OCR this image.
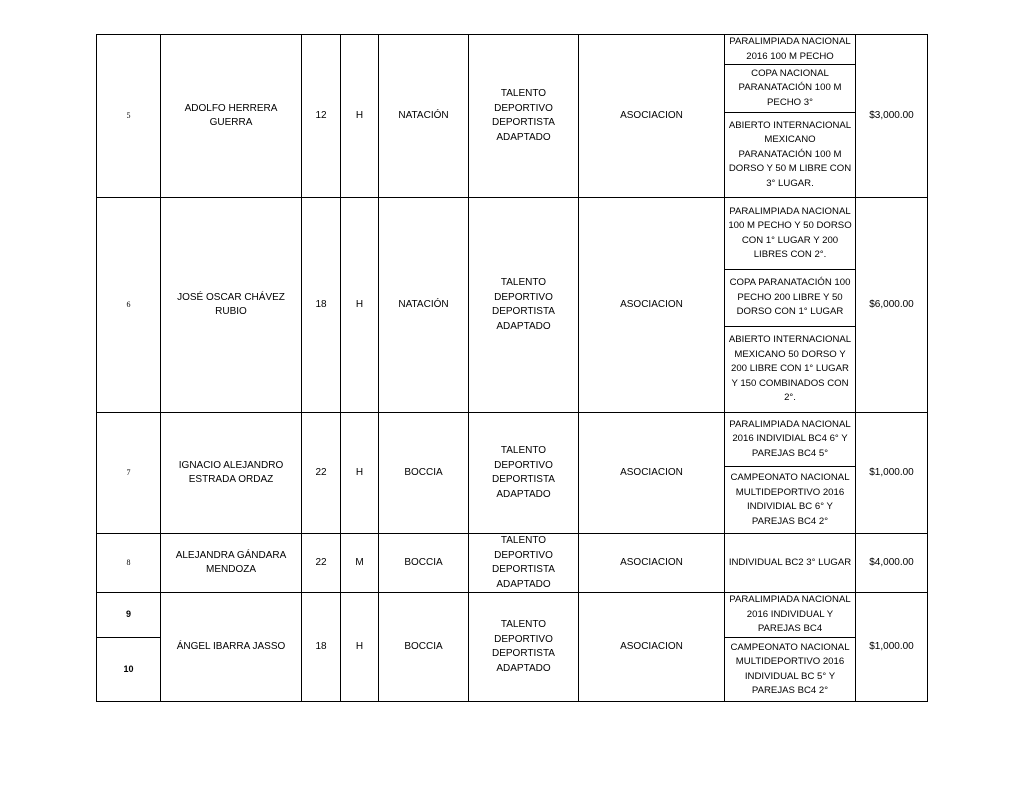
5	ADOLFO HERRERA GUERRA	12	H	NATACIÓN	TALENTO DEPORTIVO DEPORTISTA ADAPTADO	ASOCIACION	PARALIMPIADA NACIONAL 2016 100 M PECHO	$3,000.00
							COPA NACIONAL PARANATACIÓN 100 M PECHO 3°	
							ABIERTO INTERNACIONAL MEXICANO PARANATACIÓN 100 M DORSO Y 50 M LIBRE CON 3° LUGAR.	
6	JOSÉ OSCAR CHÁVEZ RUBIO	18	H	NATACIÓN	TALENTO DEPORTIVO DEPORTISTA ADAPTADO	ASOCIACION	PARALIMPIADA NACIONAL 100 M PECHO Y 50 DORSO CON 1° LUGAR Y 200 LIBRES CON 2°.	$6,000.00
							COPA PARANATACIÓN 100 PECHO 200 LIBRE Y 50 DORSO CON 1° LUGAR	
							ABIERTO INTERNACIONAL MEXICANO 50 DORSO Y 200 LIBRE CON 1° LUGAR Y 150 COMBINADOS CON 2°.	
7	IGNACIO ALEJANDRO ESTRADA ORDAZ	22	H	BOCCIA	TALENTO DEPORTIVO DEPORTISTA ADAPTADO	ASOCIACION	PARALIMPIADA NACIONAL 2016 INDIVIDIAL BC4 6° Y PAREJAS BC4 5°	$1,000.00
							CAMPEONATO NACIONAL MULTIDEPORTIVO 2016 INDIVIDIAL BC 6° Y PAREJAS BC4 2°	
8	ALEJANDRA GÁNDARA MENDOZA	22	M	BOCCIA	TALENTO DEPORTIVO DEPORTISTA ADAPTADO	ASOCIACION	INDIVIDUAL BC2 3° LUGAR	$4,000.00
9	ÁNGEL IBARRA JASSO	18	H	BOCCIA	TALENTO DEPORTIVO DEPORTISTA ADAPTADO	ASOCIACION	PARALIMPIADA NACIONAL 2016 INDIVIDUAL Y PAREJAS BC4	$1,000.00
10							CAMPEONATO NACIONAL MULTIDEPORTIVO 2016 INDIVIDUAL BC 5° Y PAREJAS BC4 2°	
